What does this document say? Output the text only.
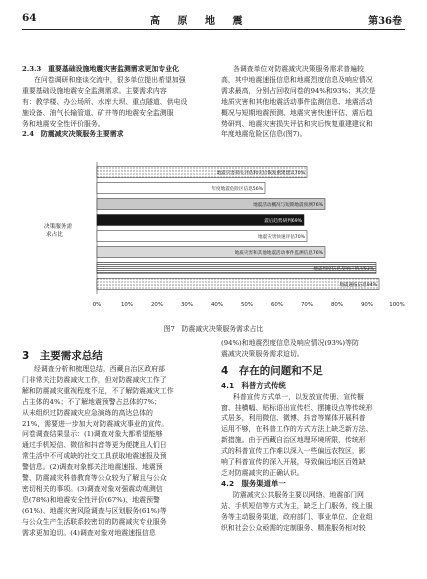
64	高 原 地 震	第36卷

2.3.3　重要基础设施地震灾害监测需求更加专业化

在问卷调研和座谈交流中，很多单位提出希望加强

重要基础设施地震安全监测需求。主要需求内容

有：教学楼、办公场所、水库大坝、重点隧道、供电设

施设备、油气长输管道、矿井等的地震安全监测服

务和地震安全性评价服务。

2.4　防震减灾决策服务主要需求

各调查单位对防震减灾决策服务需求普遍较

高，其中地震速报信息和地震烈度信息及响应情况

需求最高，分别占回收问卷的94%和93%；其次是

地质灾害和其他地震活动事件监测信息、地震活动

概况与短期地震预测、地震灾害快速评估、震后趋

势研判、地震灾害损失评估和灾后恢复重建建议和

年度地震危险区信息(图7)。

地震灾害损失评估和灾后恢复重建建议70%
年度地震危险区信息56%
地震活动概况与短期地震预测76%
震后趋势研判69%
地震灾害快速评估70%
地质灾害和其他地震活动事件监测信息76%
地震烈度信息及响应情况93%
地震速报信息94%
0%	10%	20%	30%	40%	50%	60%	70%	80%	90%	100%
决策服务需
求占比
图7　防震减灾决策服务需求占比
3　主要需求总结

经调查分析和梳理总结，西藏自治区政府部

门非常关注防震减灾工作，但对防震减灾工作了

解和防震减灾重视程度不足，不了解防震减灾工作

占主体的4%；不了解地震预警占总体的7%；

从未组织过防震减灾应急演练的高达总体的

21%，需要进一步加大对防震减灾事业的宣传。

问卷调查结果显示：(1)调查对象大都希望能够

通过手机短信、微信和抖音等更为便捷且人们日

常生活中不可或缺的社交工具获取地震速报及预

警信息。(2)调查对象都关注地震速报、地震预

警、防震减灾科普教育等公众较为了解且与公众

密切相关的事项。(3)调查对象对强震动观测信

息(78%)和地震安全性评价(67%)、地震预警

(61%)、地震灾害风险调查与区划服务(61%)等

与公众生产生活联系较密切的防震减灾专业服务

需求更加迫切。(4)调查对象对地震速报信息

(94%)和地震烈度信息及响应情况(93%)等防

震减灾决策服务需求迫切。

4　存在的问题和不足

4.1　科普方式传统

科普宣传方式单一，以发放宣传册、宣传橱

窗、挂横幅、贴标语出宣传栏、摆摊设点等传统形

式居多，利用微信、微博、抖音等媒体开展科普

运用不够，在科普工作的方式方法上缺乏新方法、

新措施。由于西藏自治区地理环境所限，传统形

式的科普宣传工作难以深入一些偏远农牧区，影

响了科普宣传的深入开展，导致偏远地区百姓缺

乏对防震减灾的正确认识。

4.2　服务渠道单一

防震减灾公共服务主要以网络、地震部门网

站、手机短信等方式为主，缺乏上门服务，线上服

务等主动服务渠道，政府部门、事业单位、企业组

织和社会公众亟需的定制服务、精准服务相对较
